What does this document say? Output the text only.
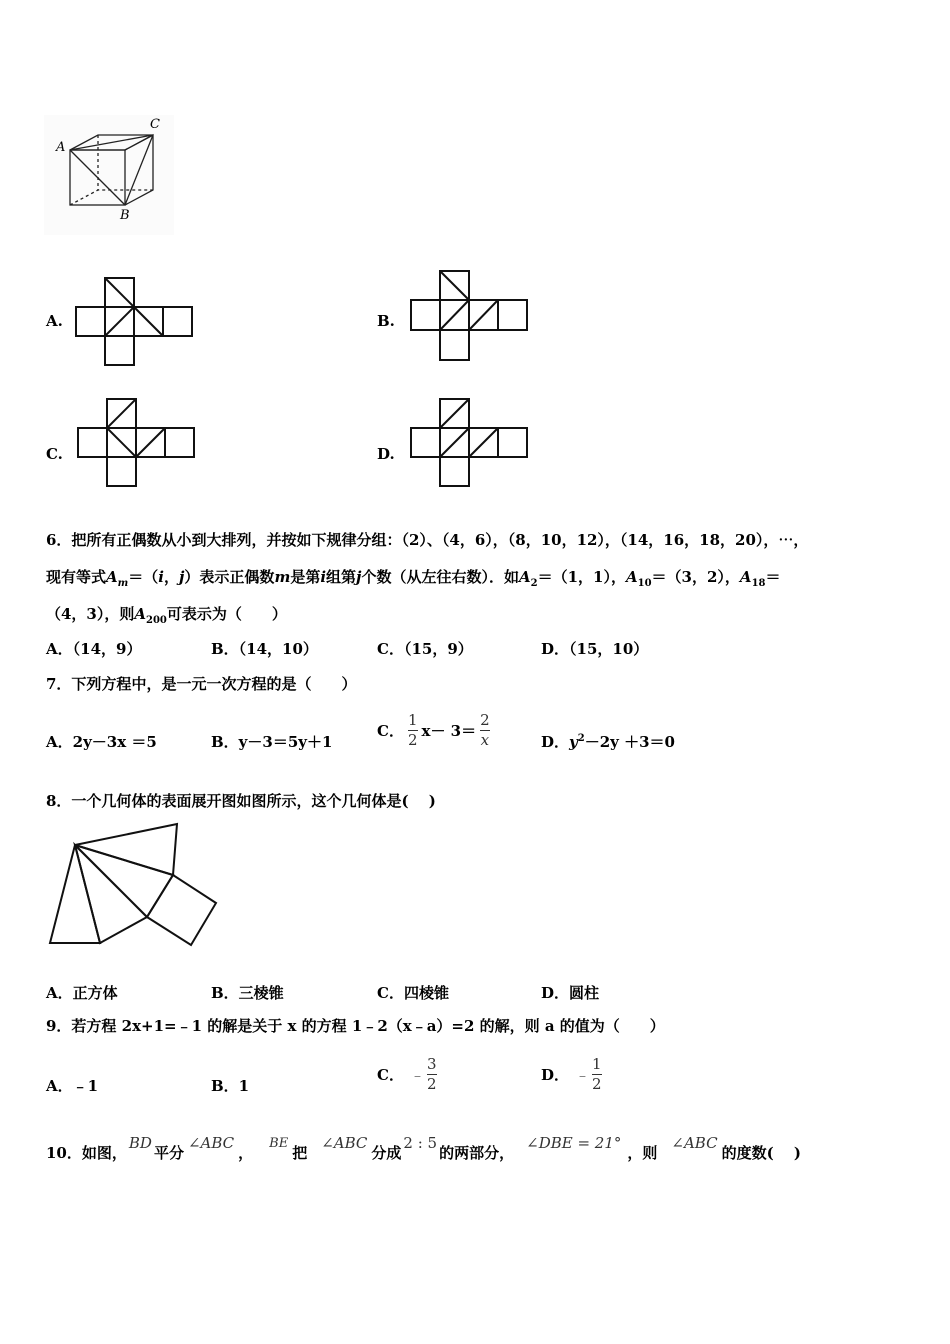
A
C
B
A.	B.
C.	D.
6．把所有正偶数从小到大排列，并按如下规律分组：（2）、（4，6），（8，10，12），（14，16，18，20），⋯，
现有等式$A_m=(i$，j）表示正偶数m是第i组第j个数（从左往右数）．如$A_2=(1$，1），$A_{10}=(3$，2），$A_{18}=$
（4，3），则$A_{200}$可表示为（　　）
A．（14，9）	B．（14，10）	C．（15，9）	D．（15，10）
7．下列方程中，是一元一次方程的是（　　）
A．2y－3x ＝5	B．y－3＝5y＋1
C． $\frac{1}{2} x- 3= \frac{2}{x}$	D．$y^2-2y +3=0$
8．一个几何体的表面展开图如图所示，这个几何体是(　 )
A．正方体	B．三棱锥	C．四棱锥	D．圆柱
9．若方程 2x+1=﹣1 的解是关于 x 的方程 1﹣2（x﹣a）=2 的解，则 a 的值为（　　）
A．﹣1	B．1
C． ﹣ $\frac{3}{2}$	D． ﹣ $\frac{1}{2}$
10．如图，
BD
平分
∠ABC
，
BE
把
∠ABC
分成
2 : 5
的两部分，
∠DBE = 21°
，则
∠ABC
的度数(　 )
